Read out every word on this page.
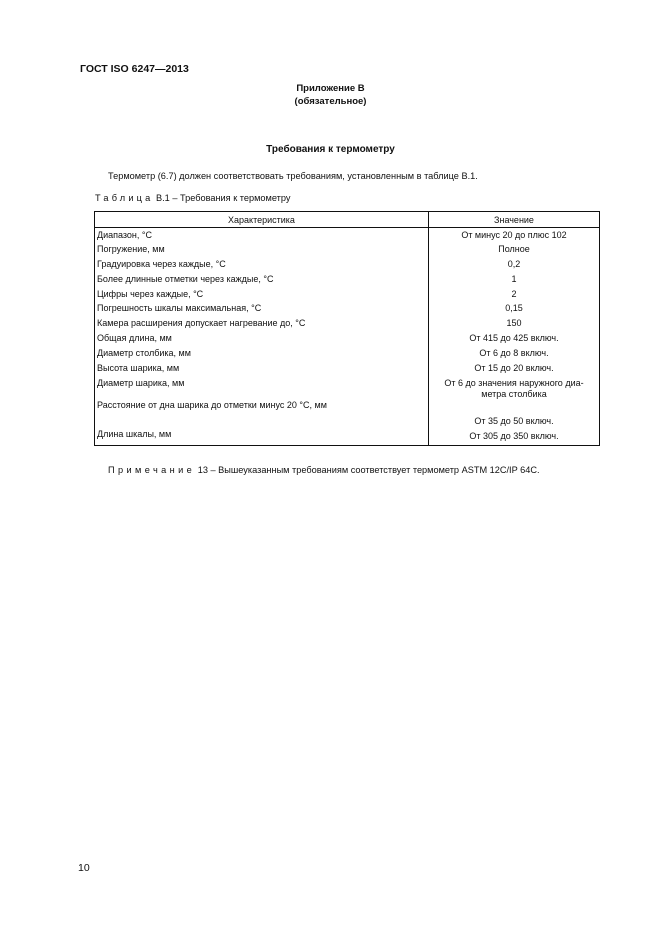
ГОСТ ISO 6247—2013
Приложение В
(обязательное)
Требования к термометру
Термометр (6.7) должен соответствовать требованиям, установленным в таблице В.1.
Таблица В.1 – Требования к термометру
Характеристика	Значение
Диапазон, °С	От минус 20 до плюс 102
Погружение, мм	Полное
Градуировка через каждые, °С	0,2
Более длинные отметки через каждые, °С	1
Цифры через каждые, °С	2
Погрешность шкалы максимальная, °С	0,15
Камера расширения допускает нагревание до, °С	150
Общая длина, мм	От 415 до 425 включ.
Диаметр столбика, мм	От 6 до 8 включ.
Высота шарика, мм	От 15 до 20 включ.
Диаметр шарика, мм	От 6 до значения наружного диа-
метра столбика

Расстояние от дна шарика до отметки минус 20 °С, мм	От 35 до 50 включ.
Длина шкалы, мм	От 305 до 350 включ.
Примечание 13 – Вышеуказанным требованиям соответствует термометр ASTM 12C/IP 64C.
10
